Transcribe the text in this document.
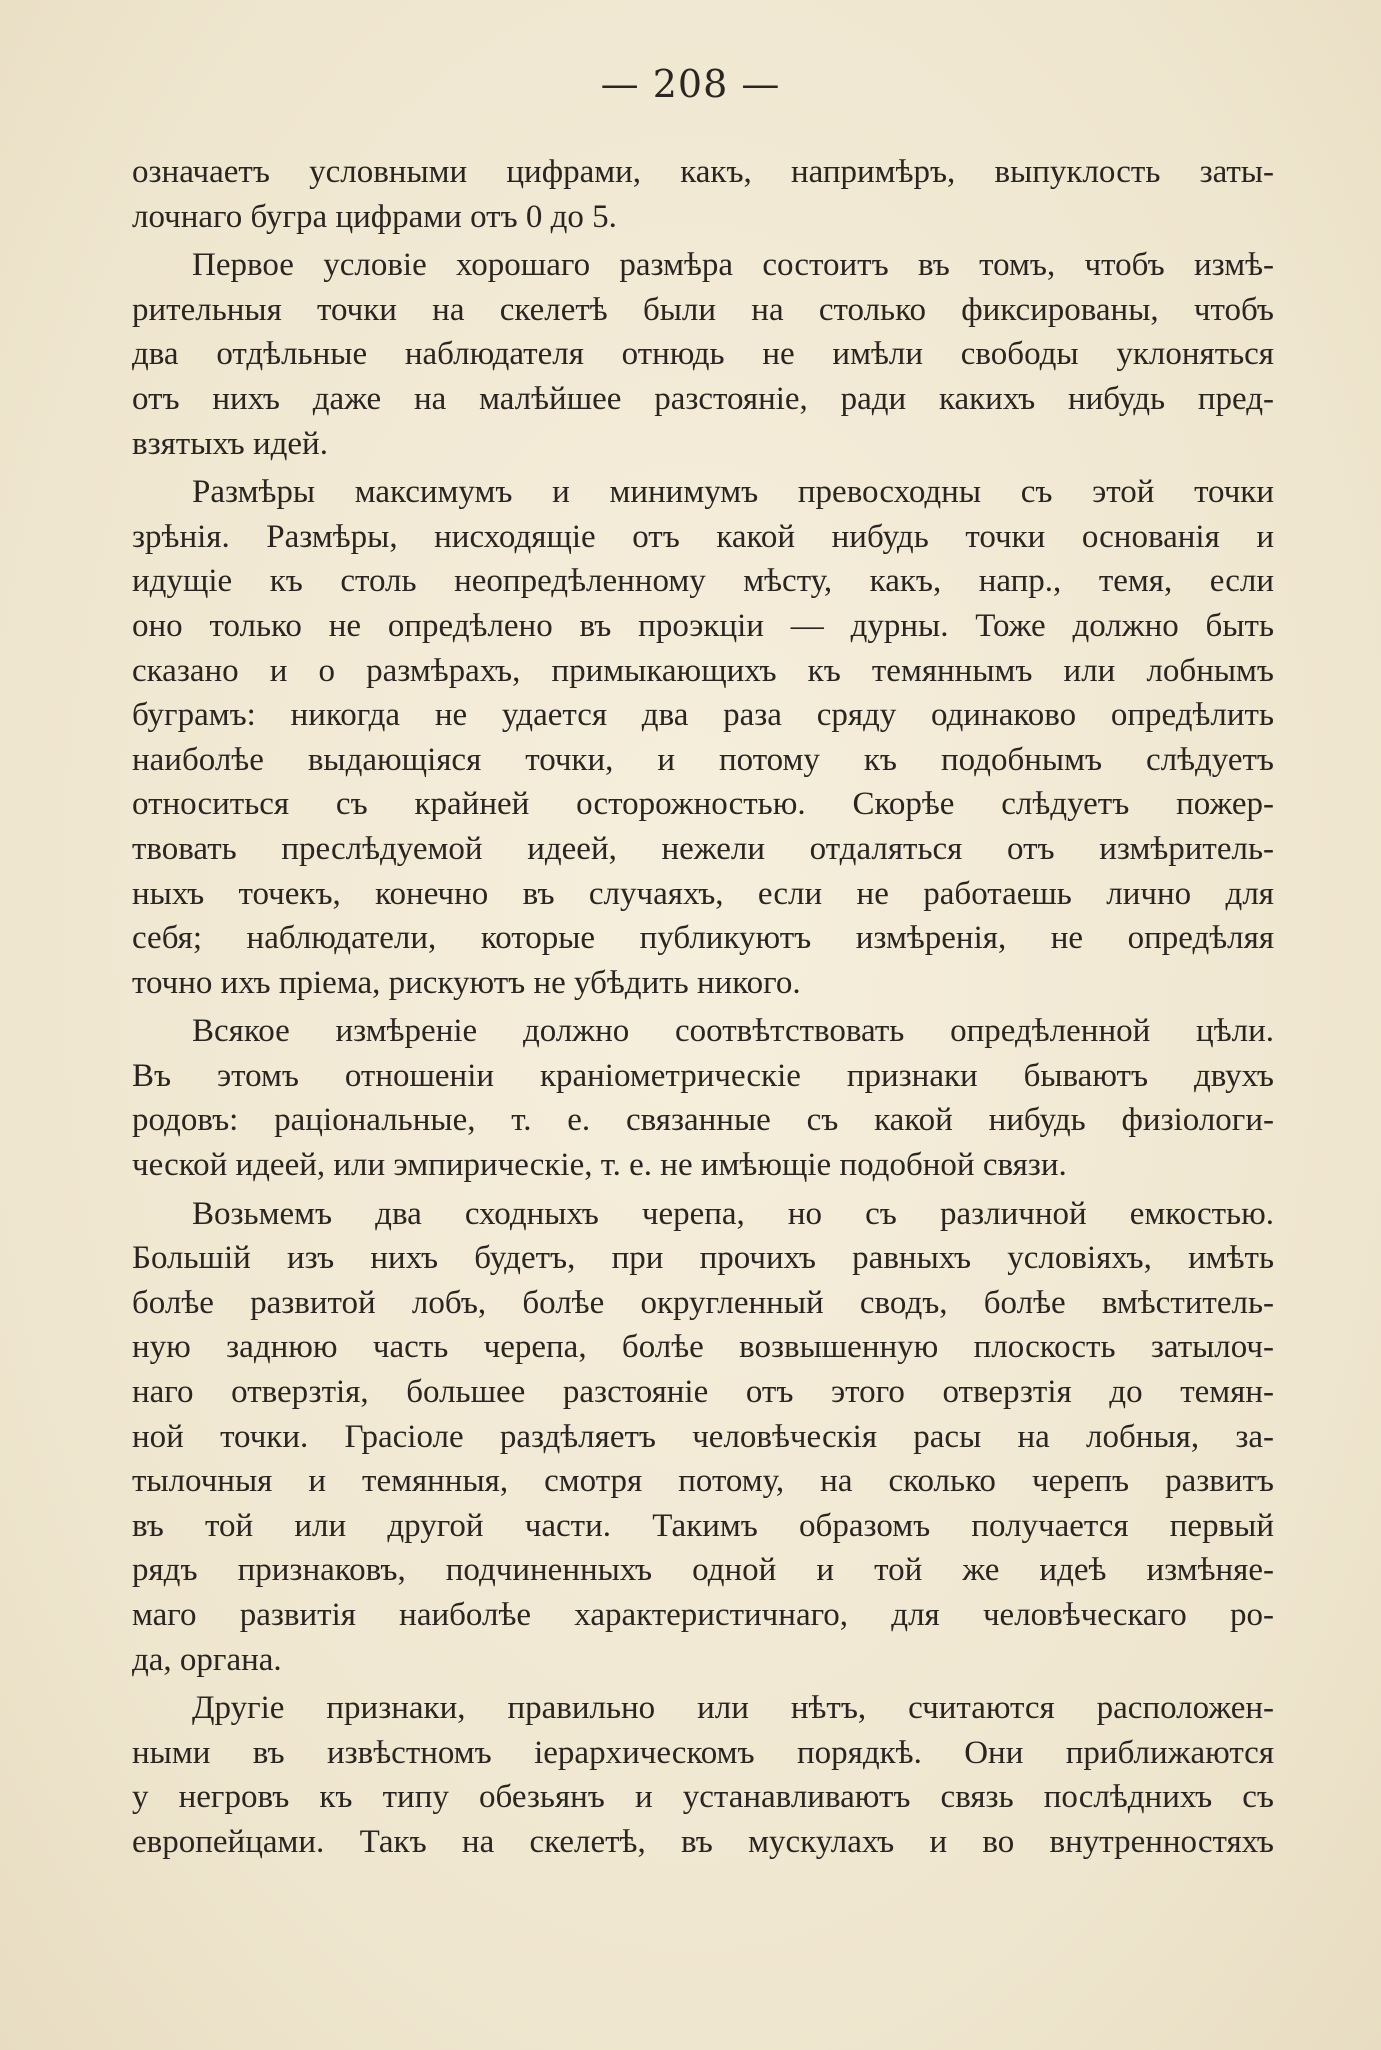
— 208 —
означаетъ условными цифрами, какъ, напримѣръ, выпуклость заты-
лочнаго бугра цифрами отъ 0 до 5.
Первое условіе хорошаго размѣра состоитъ въ томъ, чтобъ измѣ-
рительныя точки на скелетѣ были на столько фиксированы, чтобъ
два отдѣльные наблюдателя отнюдь не имѣли свободы уклоняться
отъ нихъ даже на малѣйшее разстояніе, ради какихъ нибудь пред-
взятыхъ идей.
Размѣры максимумъ и минимумъ превосходны съ этой точки
зрѣнія. Размѣры, нисходящіе отъ какой нибудь точки основанія и
идущіе къ столь неопредѣленному мѣсту, какъ, напр., темя, если
оно только не опредѣлено въ проэкціи — дурны. Тоже должно быть
сказано и о размѣрахъ, примыкающихъ къ темяннымъ или лобнымъ
буграмъ: никогда не удается два раза сряду одинаково опредѣлить
наиболѣе выдающіяся точки, и потому къ подобнымъ слѣдуетъ
относиться съ крайней осторожностью. Скорѣе слѣдуетъ пожер-
твовать преслѣдуемой идеей, нежели отдаляться отъ измѣритель-
ныхъ точекъ, конечно въ случаяхъ, если не работаешь лично для
себя; наблюдатели, которые публикуютъ измѣренія, не опредѣляя
точно ихъ пріема, рискуютъ не убѣдить никого.
Всякое измѣреніе должно соотвѣтствовать опредѣленной цѣли.
Въ этомъ отношеніи краніометрическіе признаки бываютъ двухъ
родовъ: раціональные, т. е. связанные съ какой нибудь физіологи-
ческой идеей, или эмпирическіе, т. е. не имѣющіе подобной связи.
Возьмемъ два сходныхъ черепа, но съ различной емкостью.
Большій изъ нихъ будетъ, при прочихъ равныхъ условіяхъ, имѣть
болѣе развитой лобъ, болѣе округленный сводъ, болѣе вмѣститель-
ную заднюю часть черепа, болѣе возвышенную плоскость затылоч-
наго отверзтія, большее разстояніе отъ этого отверзтія до темян-
ной точки. Грасіоле раздѣляетъ человѣческія расы на лобныя, за-
тылочныя и темянныя, смотря потому, на сколько черепъ развитъ
въ той или другой части. Такимъ образомъ получается первый
рядъ признаковъ, подчиненныхъ одной и той же идеѣ измѣняе-
маго развитія наиболѣе характеристичнаго, для человѣческаго ро-
да, органа.
Другіе признаки, правильно или нѣтъ, считаются расположен-
ными въ извѣстномъ іерархическомъ порядкѣ. Они приближаются
у негровъ къ типу обезьянъ и устанавливаютъ связь послѣднихъ съ
европейцами. Такъ на скелетѣ, въ мускулахъ и во внутренностяхъ
